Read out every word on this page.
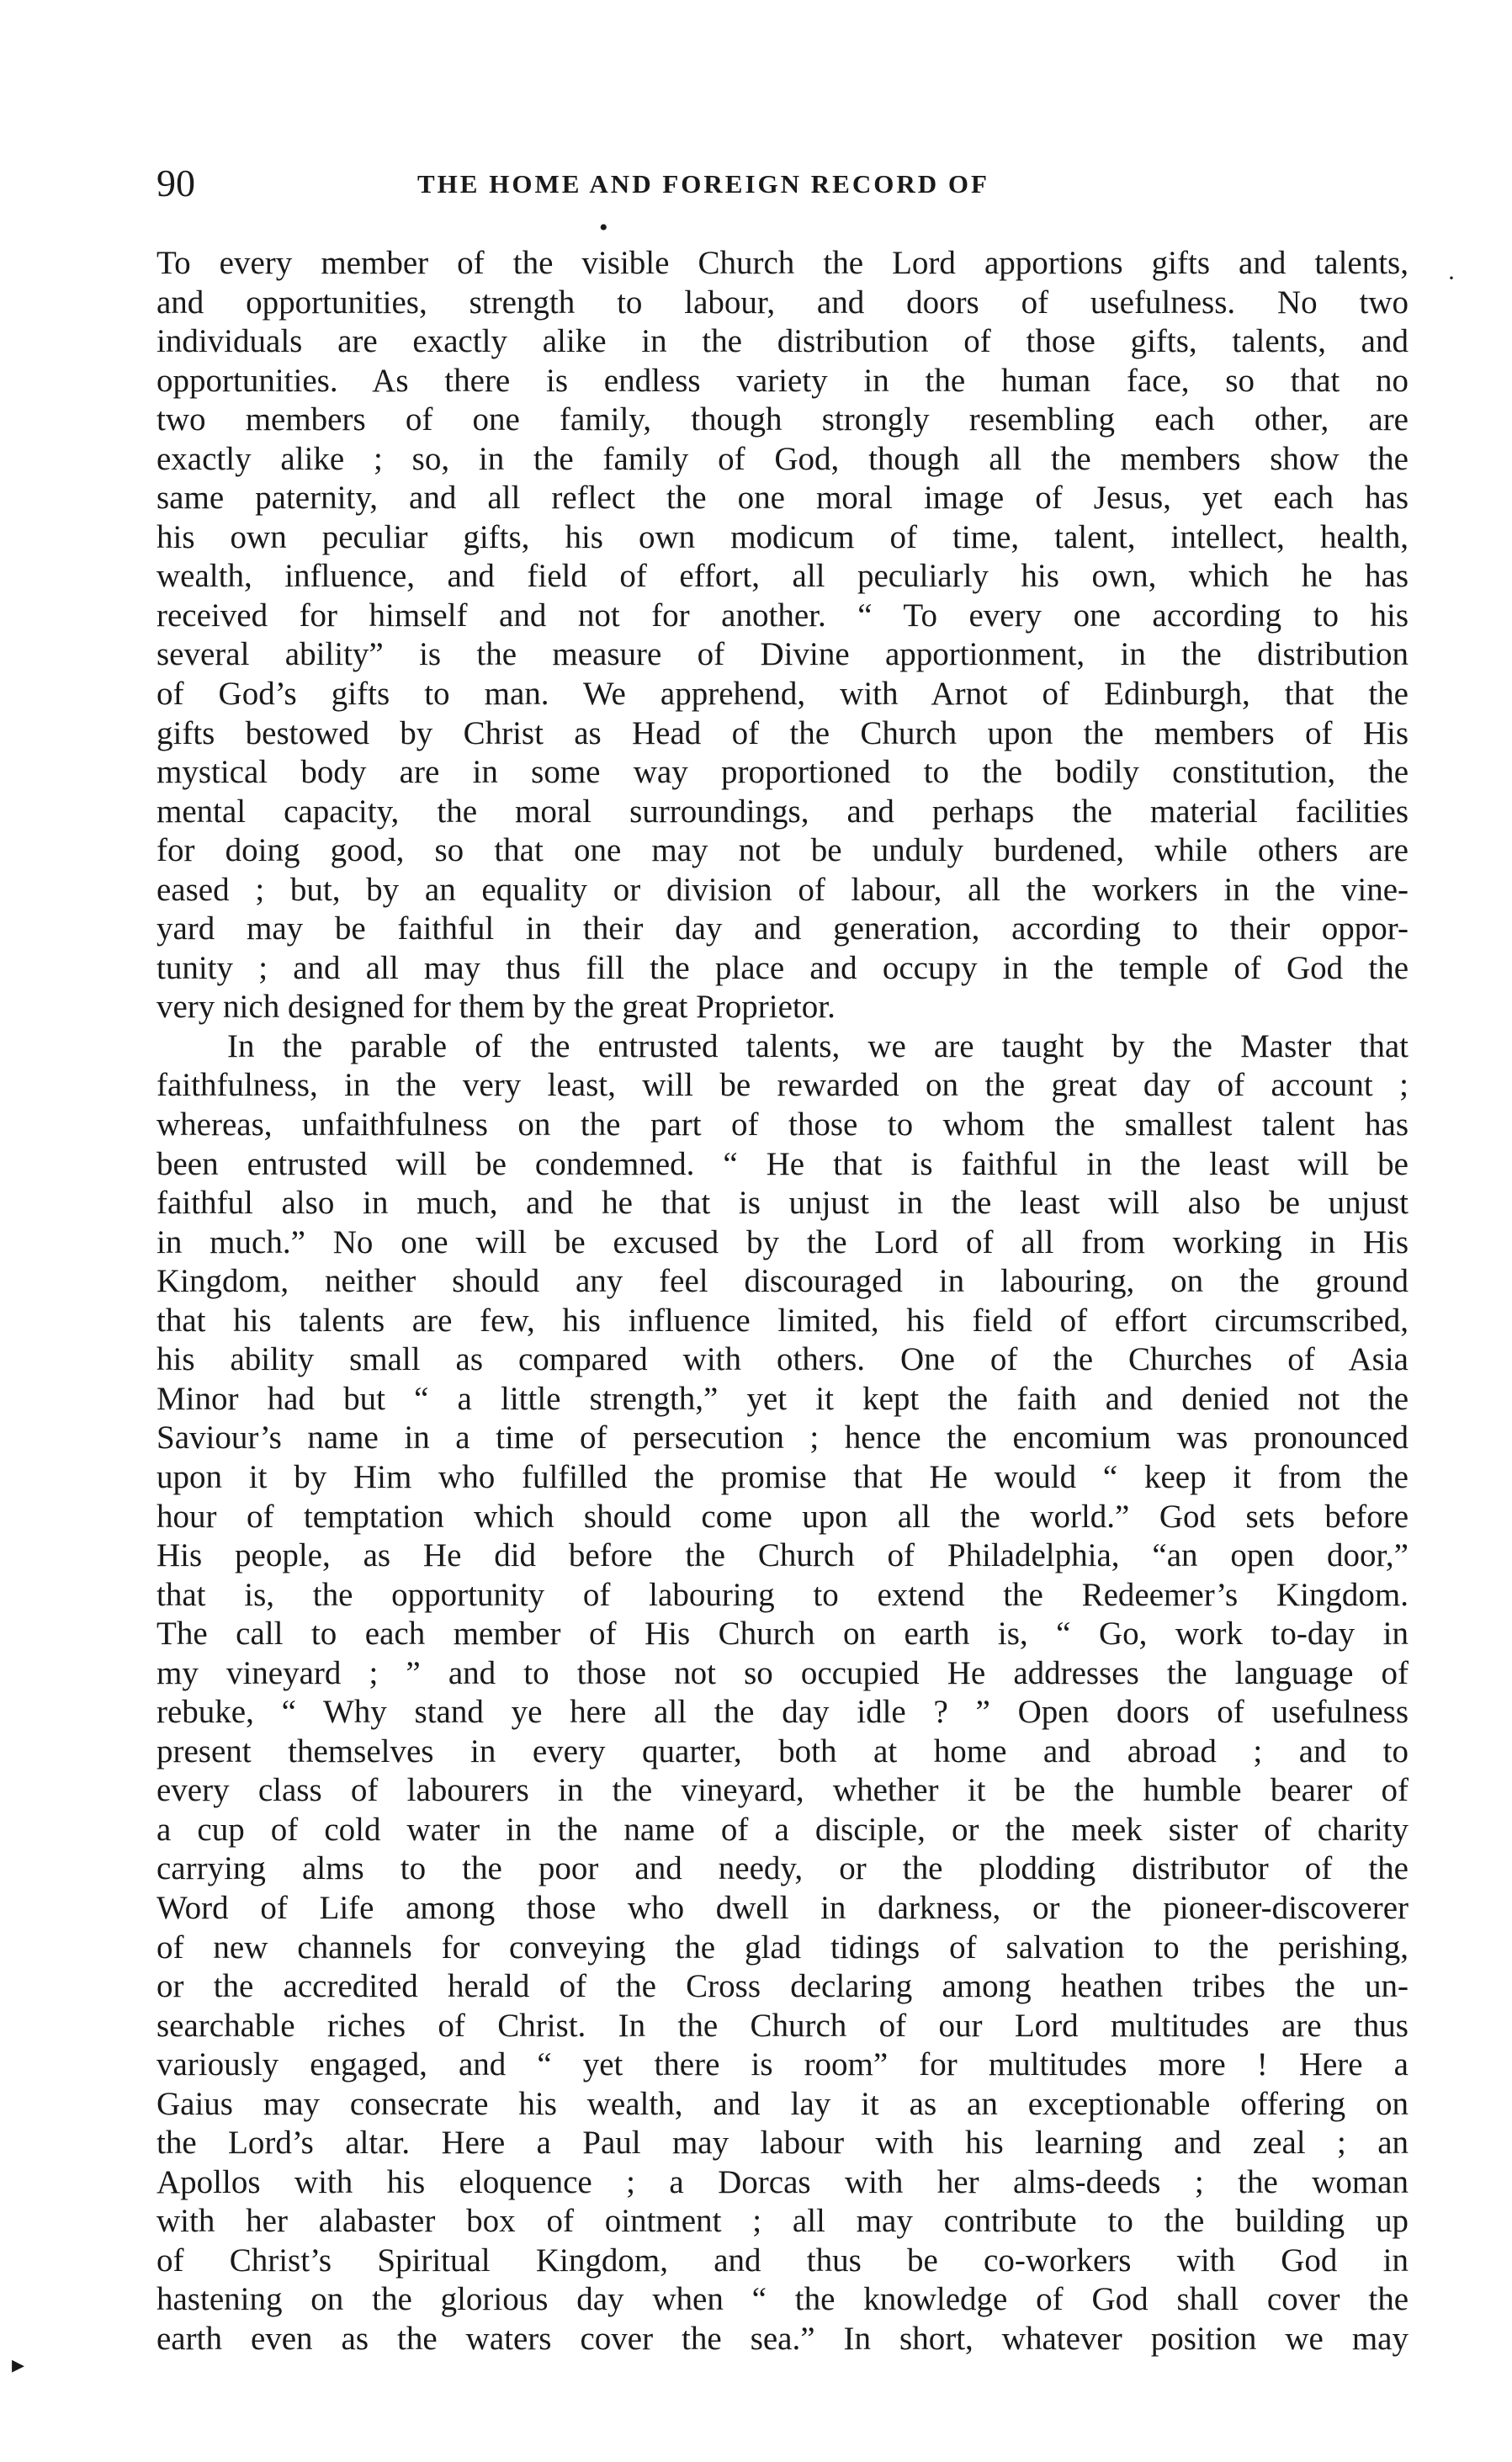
90	THE HOME AND FOREIGN RECORD OF
To every member of the visible Church the Lord apportions gifts and talents,
and opportunities, strength to labour, and doors of usefulness. No two
individuals are exactly alike in the distribution of those gifts, talents, and
opportunities. As there is endless variety in the human face, so that no
two members of one family, though strongly resembling each other, are
exactly alike ; so, in the family of God, though all the members show the
same paternity, and all reflect the one moral image of Jesus, yet each has
his own peculiar gifts, his own modicum of time, talent, intellect, health,
wealth, influence, and field of effort, all peculiarly his own, which he has
received for himself and not for another. “ To every one according to his
several ability” is the measure of Divine apportionment, in the distribution
of God’s gifts to man. We apprehend, with Arnot of Edinburgh, that the
gifts bestowed by Christ as Head of the Church upon the members of His
mystical body are in some way proportioned to the bodily constitution, the
mental capacity, the moral surroundings, and perhaps the material facilities
for doing good, so that one may not be unduly burdened, while others are
eased ; but, by an equality or division of labour, all the workers in the vine-
yard may be faithful in their day and generation, according to their oppor-
tunity ; and all may thus fill the place and occupy in the temple of God the
very nich designed for them by the great Proprietor.
In the parable of the entrusted talents, we are taught by the Master that
faithfulness, in the very least, will be rewarded on the great day of account ;
whereas, unfaithfulness on the part of those to whom the smallest talent has
been entrusted will be condemned. “ He that is faithful in the least will be
faithful also in much, and he that is unjust in the least will also be unjust
in much.” No one will be excused by the Lord of all from working in His
Kingdom, neither should any feel discouraged in labouring, on the ground
that his talents are few, his influence limited, his field of effort circumscribed,
his ability small as compared with others. One of the Churches of Asia
Minor had but “ a little strength,” yet it kept the faith and denied not the
Saviour’s name in a time of persecution ; hence the encomium was pronounced
upon it by Him who fulfilled the promise that He would “ keep it from the
hour of temptation which should come upon all the world.” God sets before
His people, as He did before the Church of Philadelphia, “an open door,”
that is, the opportunity of labouring to extend the Redeemer’s Kingdom.
The call to each member of His Church on earth is, “ Go, work to-day in
my vineyard ; ” and to those not so occupied He addresses the language of
rebuke, “ Why stand ye here all the day idle ? ” Open doors of usefulness
present themselves in every quarter, both at home and abroad ; and to
every class of labourers in the vineyard, whether it be the humble bearer of
a cup of cold water in the name of a disciple, or the meek sister of charity
carrying alms to the poor and needy, or the plodding distributor of the
Word of Life among those who dwell in darkness, or the pioneer-discoverer
of new channels for conveying the glad tidings of salvation to the perishing,
or the accredited herald of the Cross declaring among heathen tribes the un-
searchable riches of Christ. In the Church of our Lord multitudes are thus
variously engaged, and “ yet there is room” for multitudes more ! Here a
Gaius may consecrate his wealth, and lay it as an exceptionable offering on
the Lord’s altar. Here a Paul may labour with his learning and zeal ; an
Apollos with his eloquence ; a Dorcas with her alms-deeds ; the woman
with her alabaster box of ointment ; all may contribute to the building up
of Christ’s Spiritual Kingdom, and thus be co-workers with God in
hastening on the glorious day when “ the knowledge of God shall cover the
earth even as the waters cover the sea.” In short, whatever position we may
•
·
▸
